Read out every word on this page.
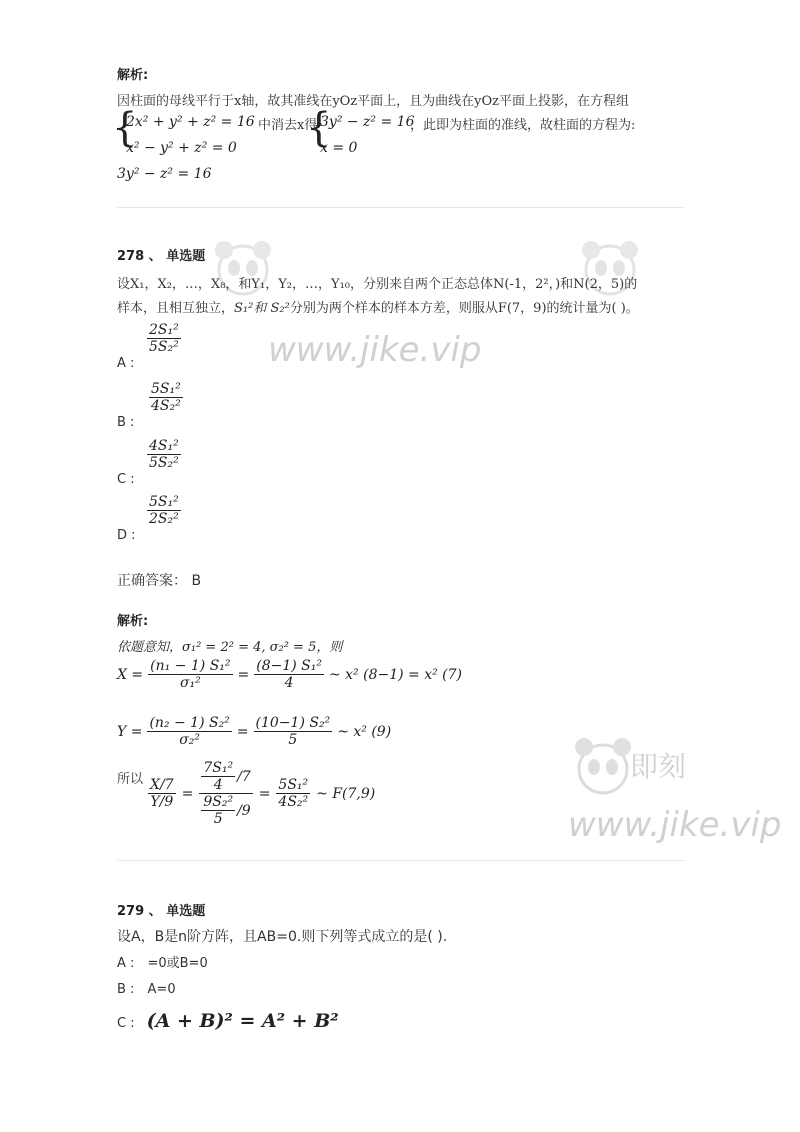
www.jike.vip
www.jike.vip
即刻
解析:
因柱面的母线平行于x轴，故其准线在yOz平面上，且为曲线在yOz平面上投影，在方程组
{
2x² + y² + z² = 16
x² − y² + z² = 0
中消去x得
{
3y² − z² = 16
x = 0
，此即为柱面的准线，故柱面的方程为:
3y² − z² = 16
278 、 单选题
设X₁，X₂，…，X₈，和Y₁，Y₂，…，Y₁₀，分别来自两个正态总体N(-1，2²，)和N(2，5)的
样本，且相互独立，S₁²和 S₂²分别为两个样本的样本方差，则服从F(7，9)的统计量为( )。
A :
$\frac{\text{2S₁²}}{\text{5S₂²}}$
B :
$\frac{\text{5S₁²}}{\text{4S₂²}}$
C :
$\frac{\text{4S₁²}}{\text{5S₂²}}$
D :
$\frac{\text{5S₁²}}{\text{2S₂²}}$
正确答案： B
解析:
依题意知，σ₁² = 2² = 4, σ₂² = 5，则
$X = \frac{\text{(n₁ − 1) S₁²}}{\text{σ₁²}} = \frac{\text{(8−1) S₁²}}{4}$ ~ x² (8−1) = x² (7)
$Y = \frac{\text{(n₂ − 1) S₂²}}{\text{σ₂²}} = \frac{\text{(10−1) S₂²}}{5}$ ~ x² (9)
所以 $\frac{X/7}{Y/9} = \frac{\frac{\text{7S₁²}}{4} /7}{\frac{\text{9S₂²}}{5} /9} = \frac{\text{5S₁²}}{\text{4S₂²}}$ ~ F(7,9)
279 、 单选题
设A，B是n阶方阵，且AB=0.则下列等式成立的是( ).
A : =0或B=0
B : A=0
C : (A + B)² = A² + B²
